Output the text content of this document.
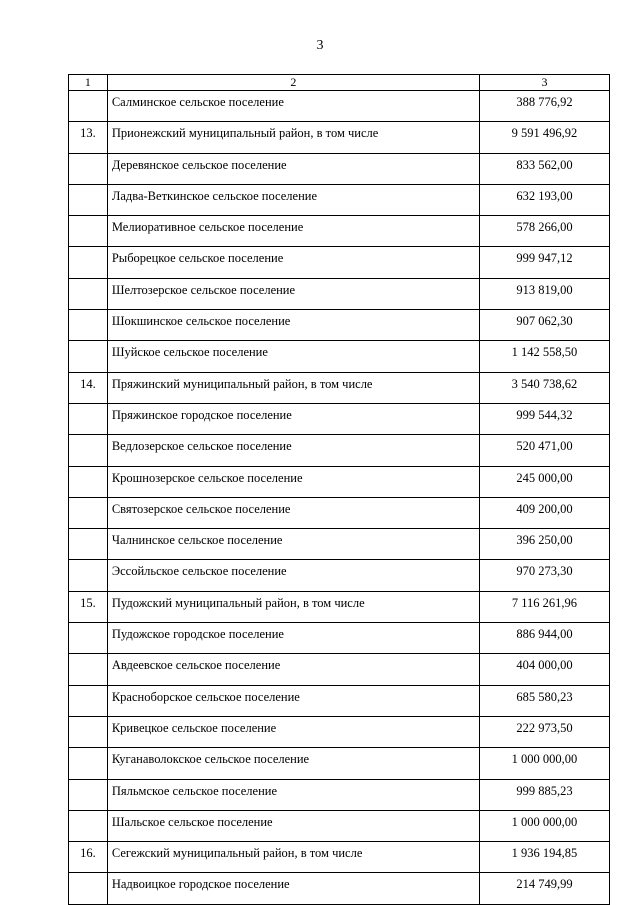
3
1	2	3
	Салминское сельское поселение	388 776,92
13.	Прионежский муниципальный район, в том числе	9 591 496,92
	Деревянское сельское поселение	833 562,00
	Ладва-Веткинское сельское поселение	632 193,00
	Мелиоративное сельское поселение	578 266,00
	Рыборецкое сельское поселение	999 947,12
	Шелтозерское сельское поселение	913 819,00
	Шокшинское сельское поселение	907 062,30
	Шуйское сельское поселение	1 142 558,50
14.	Пряжинский муниципальный район, в том числе	3 540 738,62
	Пряжинское городское поселение	999 544,32
	Ведлозерское сельское поселение	520 471,00
	Крошнозерское сельское поселение	245 000,00
	Святозерское сельское поселение	409 200,00
	Чалнинское сельское поселение	396 250,00
	Эссойльское сельское поселение	970 273,30
15.	Пудожский муниципальный район, в том числе	7 116 261,96
	Пудожское городское поселение	886 944,00
	Авдеевское сельское поселение	404 000,00
	Красноборское сельское поселение	685 580,23
	Кривецкое сельское поселение	222 973,50
	Куганаволокское сельское поселение	1 000 000,00
	Пяльмское сельское поселение	999 885,23
	Шальское сельское поселение	1 000 000,00
16.	Сегежский муниципальный район, в том числе	1 936 194,85
	Надвоицкое городское поселение	214 749,99
